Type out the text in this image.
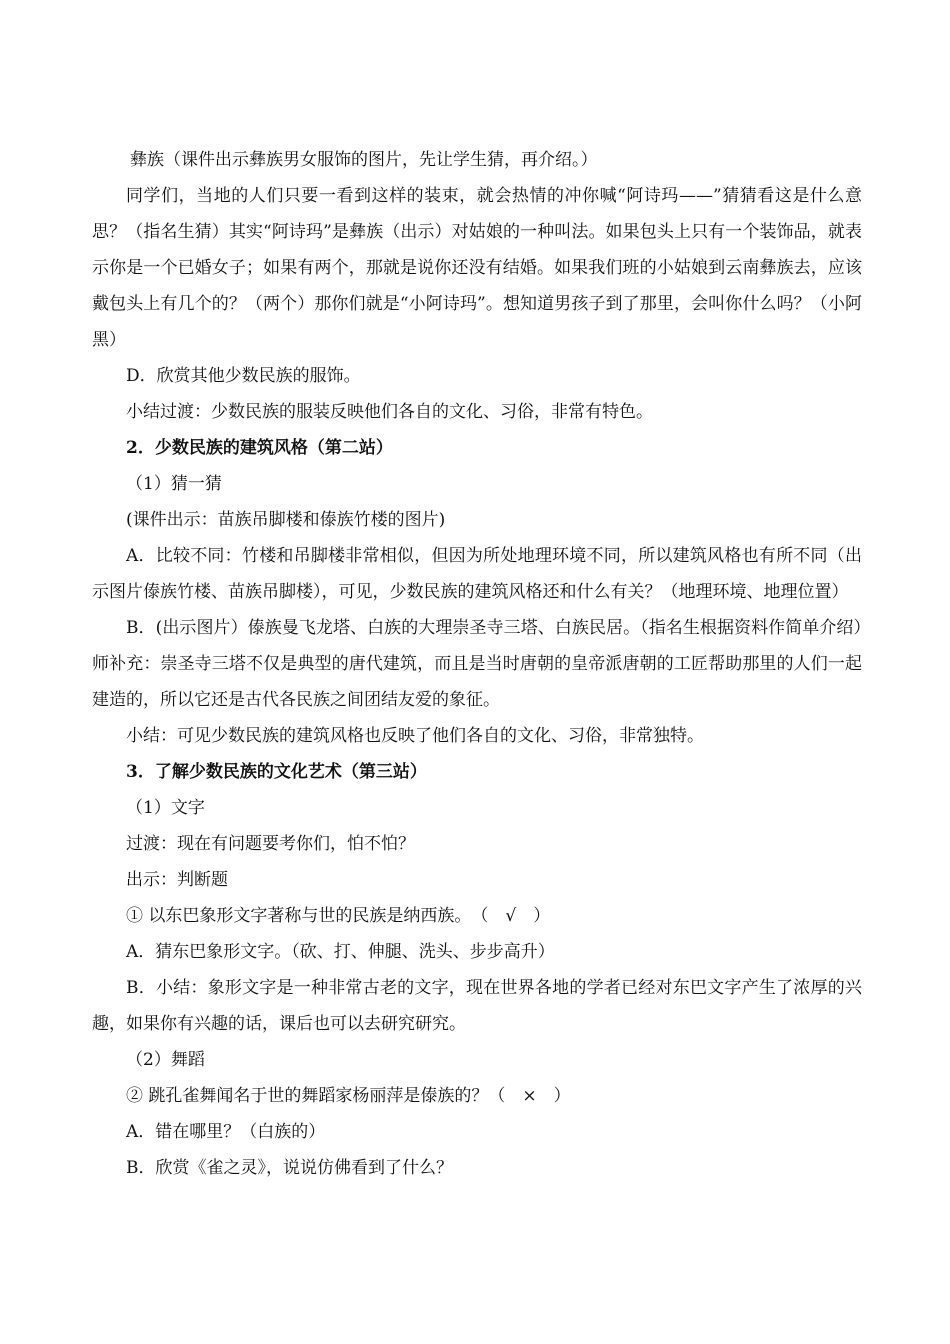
彝族（课件出示彝族男女服饰的图片，先让学生猜，再介绍。）

同学们，当地的人们只要一看到这样的装束，就会热情的冲你喊“阿诗玛——”猜猜看这是什么意思？（指名生猜）其实“阿诗玛”是彝族（出示）对姑娘的一种叫法。如果包头上只有一个装饰品，就表示你是一个已婚女子；如果有两个，那就是说你还没有结婚。如果我们班的小姑娘到云南彝族去，应该戴包头上有几个的？（两个）那你们就是“小阿诗玛”。想知道男孩子到了那里，会叫你什么吗？（小阿黑）

D．欣赏其他少数民族的服饰。

小结过渡：少数民族的服装反映他们各自的文化、习俗，非常有特色。

2．少数民族的建筑风格（第二站）

（1）猜一猜

(课件出示：苗族吊脚楼和傣族竹楼的图片)

A．比较不同：竹楼和吊脚楼非常相似，但因为所处地理环境不同，所以建筑风格也有所不同（出示图片傣族竹楼、苗族吊脚楼），可见，少数民族的建筑风格还和什么有关？（地理环境、地理位置）

B．(出示图片）傣族曼飞龙塔、白族的大理崇圣寺三塔、白族民居。（指名生根据资料作简单介绍）师补充：崇圣寺三塔不仅是典型的唐代建筑，而且是当时唐朝的皇帝派唐朝的工匠帮助那里的人们一起建造的，所以它还是古代各民族之间团结友爱的象征。

小结：可见少数民族的建筑风格也反映了他们各自的文化、习俗，非常独特。

3．了解少数民族的文化艺术（第三站）

（1）文字

过渡：现在有问题要考你们，怕不怕？

出示：判断题

① 以东巴象形文字著称与世的民族是纳西族。　（　√　）

A．猜东巴象形文字。（砍、打、伸腿、洗头、步步高升）

B．小结：象形文字是一种非常古老的文字，现在世界各地的学者已经对东巴文字产生了浓厚的兴趣，如果你有兴趣的话，课后也可以去研究研究。

（2）舞蹈

② 跳孔雀舞闻名于世的舞蹈家杨丽萍是傣族的？（　×　）

A．错在哪里？（白族的）

B．欣赏《雀之灵》，说说仿佛看到了什么？
